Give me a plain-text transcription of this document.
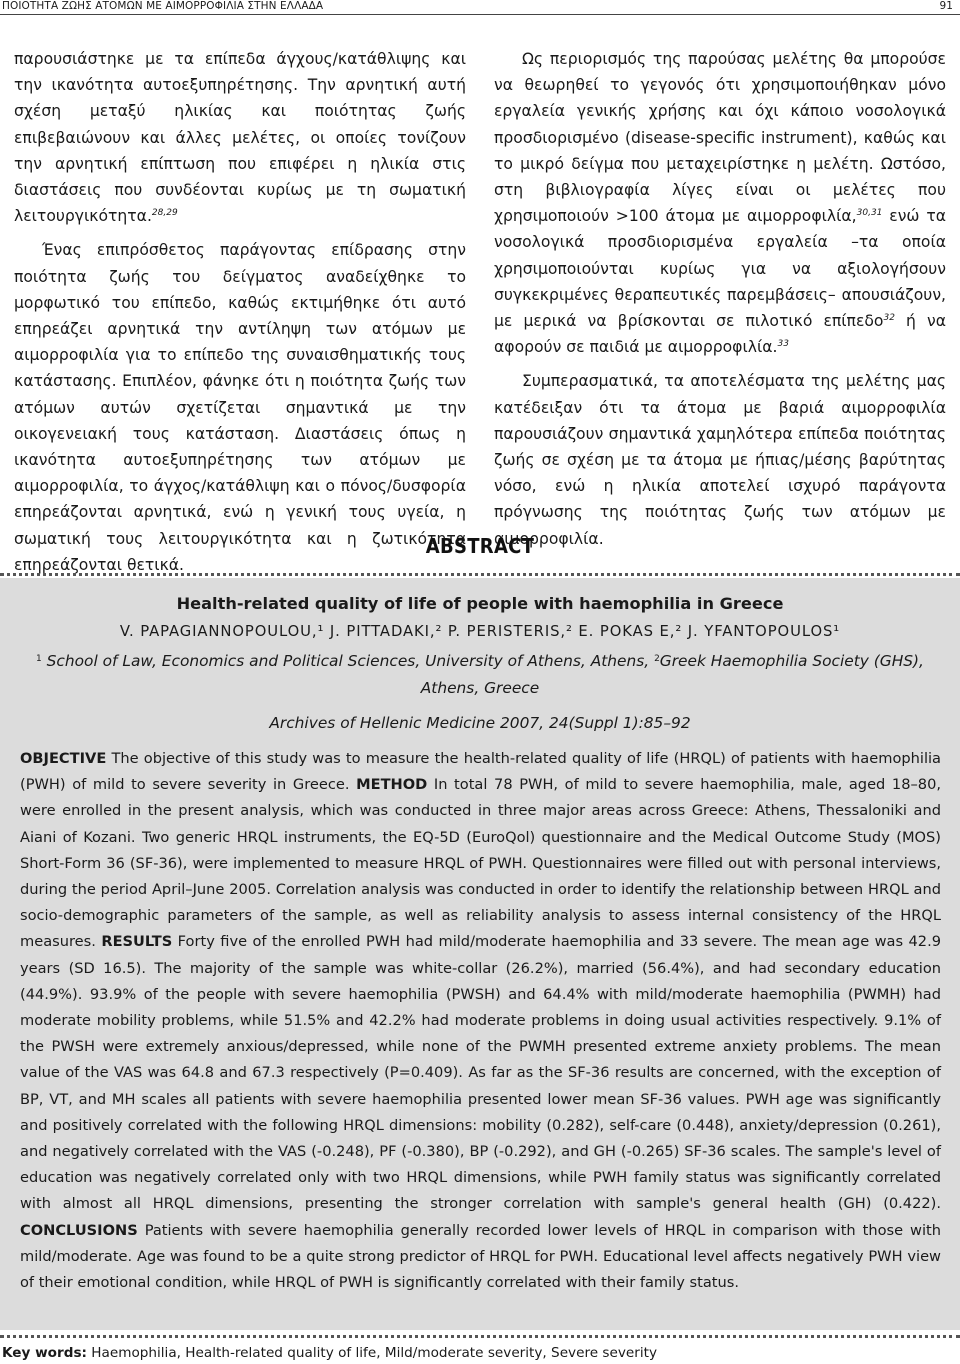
ΠΟΙΟΤΗΤΑ ΖΩΗΣ ΑΤΟΜΩΝ ΜΕ ΑΙΜΟΡΡΟΦΙΛΙΑ ΣΤΗΝ ΕΛΛΑΔΑ	91

παρουσιάστηκε με τα επίπεδα άγχους/κατάθλιψης και την ικανότητα αυτοεξυπηρέτησης. Την αρνητική αυτή σχέση μεταξύ ηλικίας και ποιότητας ζωής επιβεβαιώνουν και άλλες μελέτες, οι οποίες τονίζουν την αρνητική επίπτωση που επιφέρει η ηλικία στις διαστάσεις που συνδέονται κυρίως με τη σωματική λειτουργικότητα.$^{28,29}$

Ένας επιπρόσθετος παράγοντας επίδρασης στην ποιότητα ζωής του δείγματος αναδείχθηκε το μορφωτικό του επίπεδο, καθώς εκτιμήθηκε ότι αυτό επηρεάζει αρνητικά την αντίληψη των ατόμων με αιμορροφιλία για το επίπεδο της συναισθηματικής τους κατάστασης. Επιπλέον, φάνηκε ότι η ποιότητα ζωής των ατόμων αυτών σχετίζεται σημαντικά με την οικογενειακή τους κατάσταση. Διαστάσεις όπως η ικανότητα αυτοεξυπηρέτησης των ατόμων με αιμορροφιλία, το άγχος/κατάθλιψη και ο πόνος/δυσφορία επηρεάζονται αρνητικά, ενώ η γενική τους υγεία, η σωματική τους λειτουργικότητα και η ζωτικότητα επηρεάζονται θετικά.

Ως περιορισμός της παρούσας μελέτης θα μπορούσε να θεωρηθεί το γεγονός ότι χρησιμοποιήθηκαν μόνο εργαλεία γενικής χρήσης και όχι κάποιο νοσολογικά προσδιορισμένο (disease-specific instrument), καθώς και το μικρό δείγμα που μεταχειρίστηκε η μελέτη. Ωστόσο, στη βιβλιογραφία λίγες είναι οι μελέτες που χρησιμοποιούν >100 άτομα με αιμορροφιλία,$^{30,31}$ ενώ τα νοσολογικά προσδιορισμένα εργαλεία –τα οποία χρησιμοποιούνται κυρίως για να αξιολογήσουν συγκεκριμένες θεραπευτικές παρεμβάσεις– απουσιάζουν, με μερικά να βρίσκονται σε πιλοτικό επίπεδο$^{32}$ ή να αφορούν σε παιδιά με αιμορροφιλία.$^{33}$

Συμπερασματικά, τα αποτελέσματα της μελέτης μας κατέδειξαν ότι τα άτομα με βαριά αιμορροφιλία παρουσιάζουν σημαντικά χαμηλότερα επίπεδα ποιότητας ζωής σε σχέση με τα άτομα με ήπιας/μέσης βαρύτητας νόσο, ενώ η ηλικία αποτελεί ισχυρό παράγοντα πρόγνωσης της ποιότητας ζωής των ατόμων με αιμορροφιλία.

ABSTRACT
Health-related quality of life of people with haemophilia in Greece
V. PAPAGIANNOPOULOU,¹ J. PITTADAKI,² P. PERISTERIS,² E. POKAS E,² J. YFANTOPOULOS¹
$^1$ School of Law, Economics and Political Sciences, University of Athens, Athens, $^2$Greek Haemophilia Society (GHS), Athens, Greece
Archives of Hellenic Medicine 2007, 24(Suppl 1):85–92
OBJECTIVE The objective of this study was to measure the health-related quality of life (HRQL) of patients with haemophilia (PWH) of mild to severe severity in Greece. METHOD In total 78 PWH, of mild to severe haemophilia, male, aged 18–80, were enrolled in the present analysis, which was conducted in three major areas across Greece: Athens, Thessaloniki and Aiani of Kozani. Two generic HRQL instruments, the EQ-5D (EuroQol) questionnaire and the Medical Outcome Study (MOS) Short-Form 36 (SF-36), were implemented to measure HRQL of PWH. Questionnaires were filled out with personal interviews, during the period April–June 2005. Correlation analysis was conducted in order to identify the relationship between HRQL and socio-demographic parameters of the sample, as well as reliability analysis to assess internal consistency of the HRQL measures. RESULTS Forty five of the enrolled PWH had mild/moderate haemophilia and 33 severe. The mean age was 42.9 years (SD 16.5). The majority of the sample was white-collar (26.2%), married (56.4%), and had secondary education (44.9%). 93.9% of the people with severe haemophilia (PWSH) and 64.4% with mild/moderate haemophilia (PWMH) had moderate mobility problems, while 51.5% and 42.2% had moderate problems in doing usual activities respectively. 9.1% of the PWSH were extremely anxious/depressed, while none of the PWMH presented extreme anxiety problems. The mean value of the VAS was 64.8 and 67.3 respectively (P=0.409). As far as the SF-36 results are concerned, with the exception of BP, VT, and MH scales all patients with severe haemophilia presented lower mean SF-36 values. PWH age was significantly and positively correlated with the following HRQL dimensions: mobility (0.282), self-care (0.448), anxiety/depression (0.261), and negatively correlated with the VAS (-0.248), PF (-0.380), BP (-0.292), and GH (-0.265) SF-36 scales. The sample's level of education was negatively correlated only with two HRQL dimensions, while PWH family status was significantly correlated with almost all HRQL dimensions, presenting the stronger correlation with sample's general health (GH) (0.422). CONCLUSIONS Patients with severe haemophilia generally recorded lower levels of HRQL in comparison with those with mild/moderate. Age was found to be a quite strong predictor of HRQL for PWH. Educational level affects negatively PWH view of their emotional condition, while HRQL of PWH is significantly correlated with their family status.
Key words: Haemophilia, Health-related quality of life, Mild/moderate severity, Severe severity
